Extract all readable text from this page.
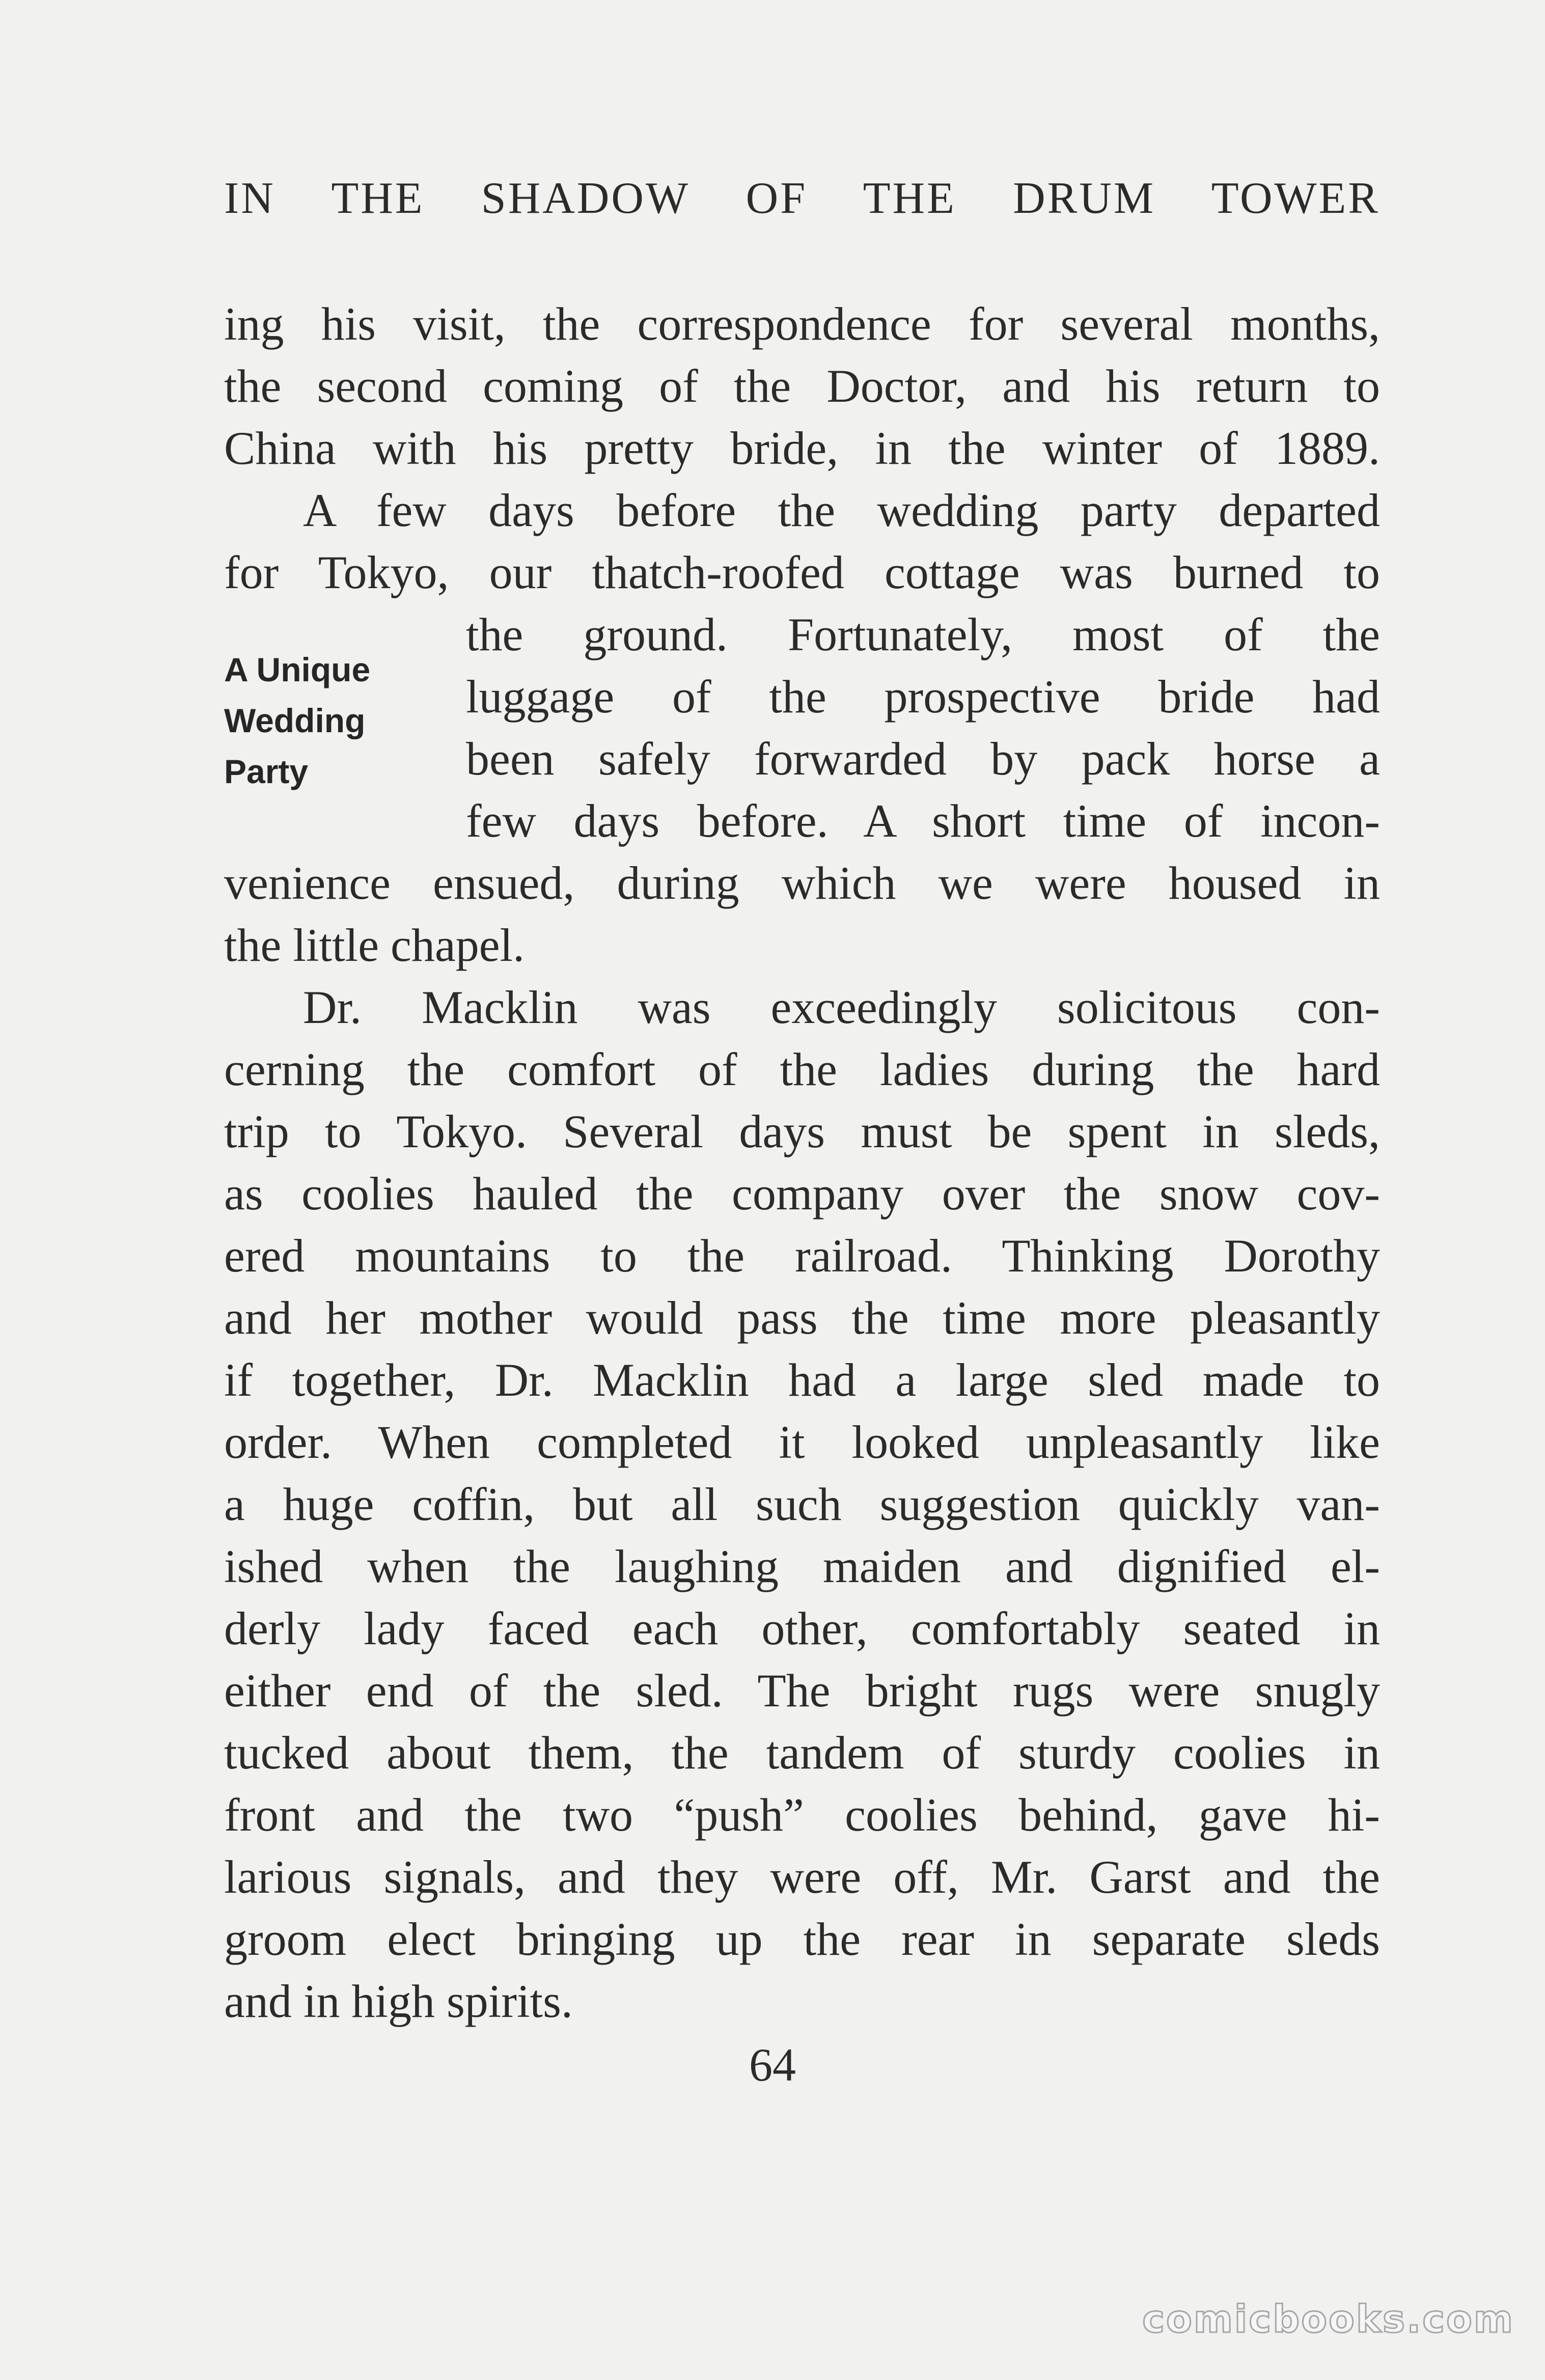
IN THE SHADOW OF THE DRUM TOWER
A Unique
Wedding
Party
ing his visit, the correspondence for several months,
the second coming of the Doctor, and his return to
China with his pretty bride, in the winter of 1889.
A few days before the wedding party departed
for Tokyo, our thatch-roofed cottage was burned to
the ground. Fortunately, most of the
luggage of the prospective bride had
been safely forwarded by pack horse a
few days before. A short time of incon-
venience ensued, during which we were housed in
the little chapel.
Dr. Macklin was exceedingly solicitous con-
cerning the comfort of the ladies during the hard
trip to Tokyo. Several days must be spent in sleds,
as coolies hauled the company over the snow cov-
ered mountains to the railroad. Thinking Dorothy
and her mother would pass the time more pleasantly
if together, Dr. Macklin had a large sled made to
order. When completed it looked unpleasantly like
a huge coffin, but all such suggestion quickly van-
ished when the laughing maiden and dignified el-
derly lady faced each other, comfortably seated in
either end of the sled. The bright rugs were snugly
tucked about them, the tandem of sturdy coolies in
front and the two “push” coolies behind, gave hi-
larious signals, and they were off, Mr. Garst and the
groom elect bringing up the rear in separate sleds
and in high spirits.
64
comicbooks.com
